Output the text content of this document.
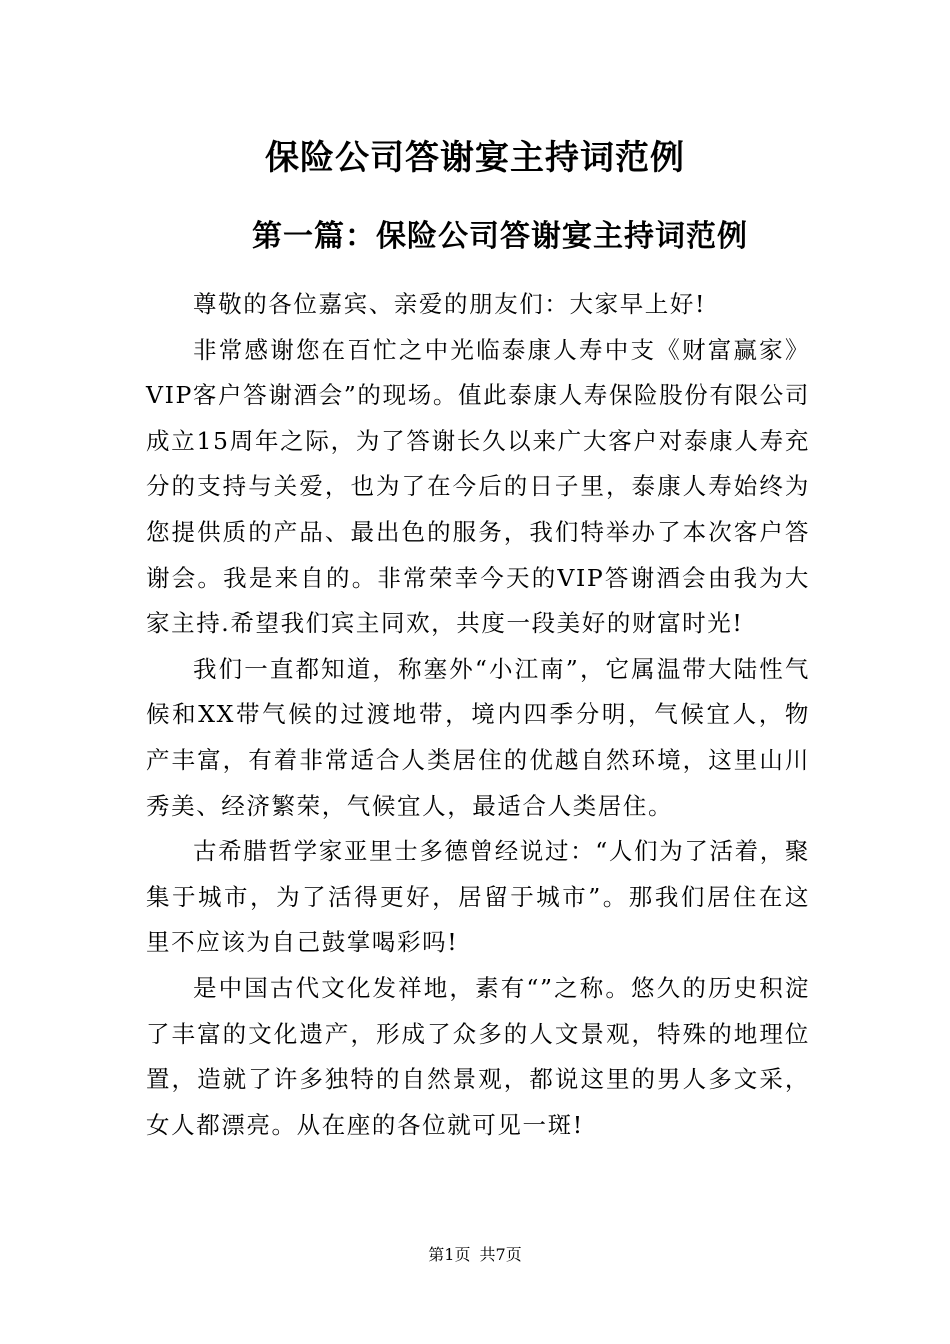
保险公司答谢宴主持词范例
第一篇：保险公司答谢宴主持词范例

尊敬的各位嘉宾、亲爱的朋友们：大家早上好!

非常感谢您在百忙之中光临泰康人寿中支《财富赢家》VIP客户答谢酒会”的现场。值此泰康人寿保险股份有限公司成立15周年之际，为了答谢长久以来广大客户对泰康人寿充分的支持与关爱，也为了在今后的日子里，泰康人寿始终为您提供质的产品、最出色的服务，我们特举办了本次客户答谢会。我是来自的。非常荣幸今天的VIP答谢酒会由我为大家主持.希望我们宾主同欢，共度一段美好的财富时光!

我们一直都知道，称塞外“小江南”，它属温带大陆性气候和XX带气候的过渡地带，境内四季分明，气候宜人，物产丰富，有着非常适合人类居住的优越自然环境，这里山川秀美、经济繁荣，气候宜人，最适合人类居住。

古希腊哲学家亚里士多德曾经说过：“人们为了活着，聚集于城市，为了活得更好，居留于城市”。那我们居住在这里不应该为自己鼓掌喝彩吗!

是中国古代文化发祥地，素有“”之称。悠久的历史积淀了丰富的文化遗产，形成了众多的人文景观，特殊的地理位置，造就了许多独特的自然景观，都说这里的男人多文采，女人都漂亮。从在座的各位就可见一斑!

第1页 共7页
